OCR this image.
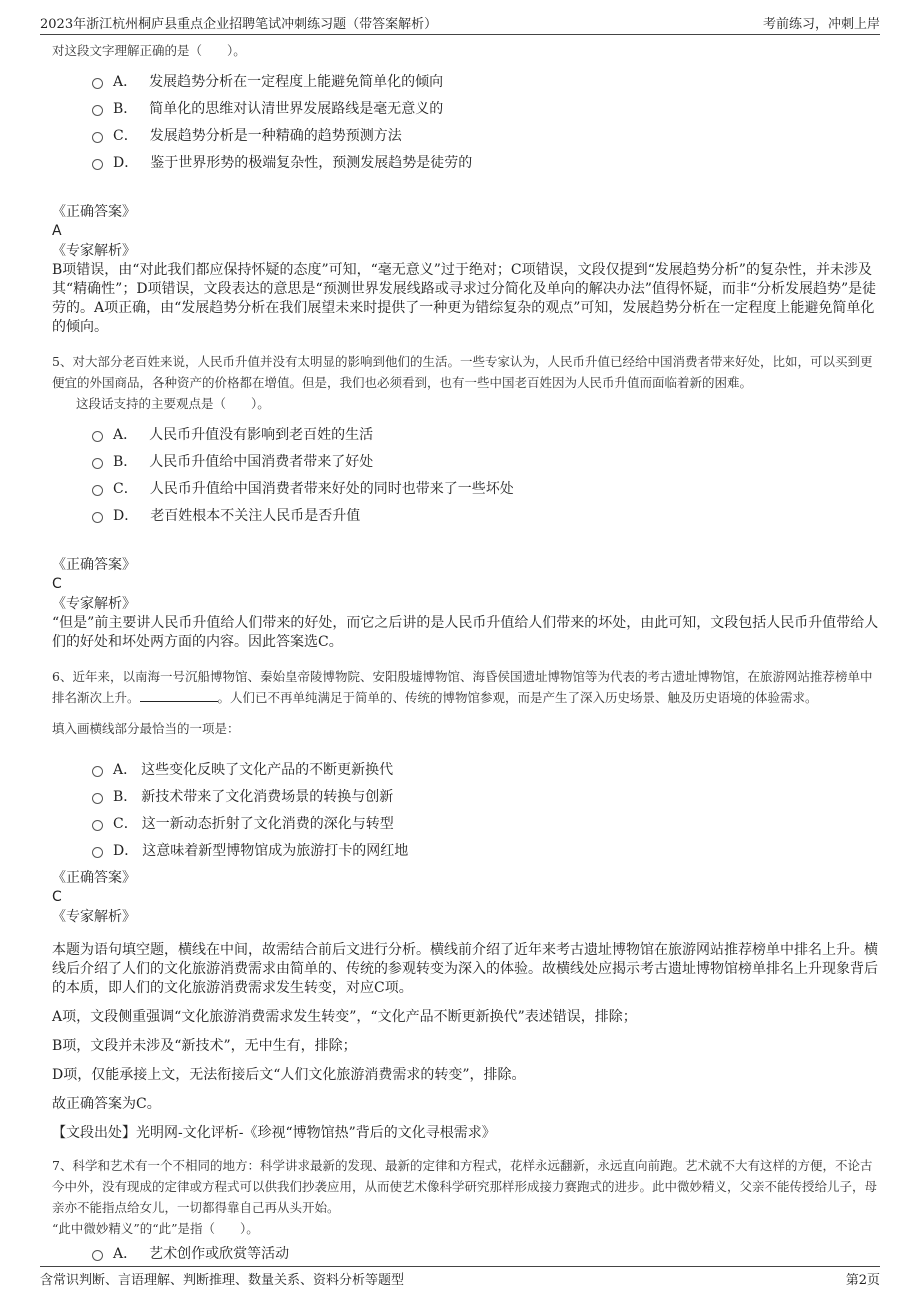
2023年浙江杭州桐庐县重点企业招聘笔试冲刺练习题（带答案解析）	考前练习，冲刺上岸
对这段文字理解正确的是（　　）。
A． 发展趋势分析在一定程度上能避免简单化的倾向
B． 简单化的思维对认清世界发展路线是毫无意义的
C． 发展趋势分析是一种精确的趋势预测方法
D． 鉴于世界形势的极端复杂性，预测发展趋势是徒劳的
《正确答案》
A
《专家解析》
B项错误，由“对此我们都应保持怀疑的态度”可知，“毫无意义”过于绝对；C项错误，文段仅提到“发展趋势分析”的复杂性，并未涉及其“精确性”；D项错误，文段表达的意思是“预测世界发展线路或寻求过分简化及单向的解决办法”值得怀疑，而非“分析发展趋势”是徒劳的。A项正确，由“发展趋势分析在我们展望未来时提供了一种更为错综复杂的观点”可知，发展趋势分析在一定程度上能避免简单化的倾向。
5、对大部分老百姓来说，人民币升值并没有太明显的影响到他们的生活。一些专家认为，人民币升值已经给中国消费者带来好处，比如，可以买到更便宜的外国商品，各种资产的价格都在增值。但是，我们也必须看到，也有一些中国老百姓因为人民币升值而面临着新的困难。
这段话支持的主要观点是（　　）。
A． 人民币升值没有影响到老百姓的生活
B． 人民币升值给中国消费者带来了好处
C． 人民币升值给中国消费者带来好处的同时也带来了一些坏处
D． 老百姓根本不关注人民币是否升值
《正确答案》
C
《专家解析》
“但是”前主要讲人民币升值给人们带来的好处，而它之后讲的是人民币升值给人们带来的坏处，由此可知，文段包括人民币升值带给人们的好处和坏处两方面的内容。因此答案选C。
6、近年来，以南海一号沉船博物馆、秦始皇帝陵博物院、安阳殷墟博物馆、海昏侯国遗址博物馆等为代表的考古遗址博物馆，在旅游网站推荐榜单中排名渐次上升。	。人们已不再单纯满足于简单的、传统的博物馆参观，而是产生了深入历史场景、触及历史语境的体验需求。
填入画横线部分最恰当的一项是：
A． 这些变化反映了文化产品的不断更新换代
B． 新技术带来了文化消费场景的转换与创新
C． 这一新动态折射了文化消费的深化与转型
D． 这意味着新型博物馆成为旅游打卡的网红地
《正确答案》
C
《专家解析》

本题为语句填空题，横线在中间，故需结合前后文进行分析。横线前介绍了近年来考古遗址博物馆在旅游网站推荐榜单中排名上升。横线后介绍了人们的文化旅游消费需求由简单的、传统的参观转变为深入的体验。故横线处应揭示考古遗址博物馆榜单排名上升现象背后的本质，即人们的文化旅游消费需求发生转变，对应C项。

A项，文段侧重强调“文化旅游消费需求发生转变”，“文化产品不断更新换代”表述错误，排除；

B项，文段并未涉及“新技术”，无中生有，排除；

D项，仅能承接上文，无法衔接后文“人们文化旅游消费需求的转变”，排除。

故正确答案为C。

【文段出处】光明网-文化评析-《珍视“博物馆热”背后的文化寻根需求》

7、科学和艺术有一个不相同的地方：科学讲求最新的发现、最新的定律和方程式，花样永远翻新，永远直向前跑。艺术就不大有这样的方便，不论古今中外，没有现成的定律或方程式可以供我们抄袭应用，从而使艺术像科学研究那样形成接力赛跑式的进步。此中微妙精义，父亲不能传授给儿子，母亲亦不能指点给女儿，一切都得靠自己再从头开始。
“此中微妙精义”的“此”是指（　　）。
A． 艺术创作或欣赏等活动
含常识判断、言语理解、判断推理、数量关系、资料分析等题型	第2页
